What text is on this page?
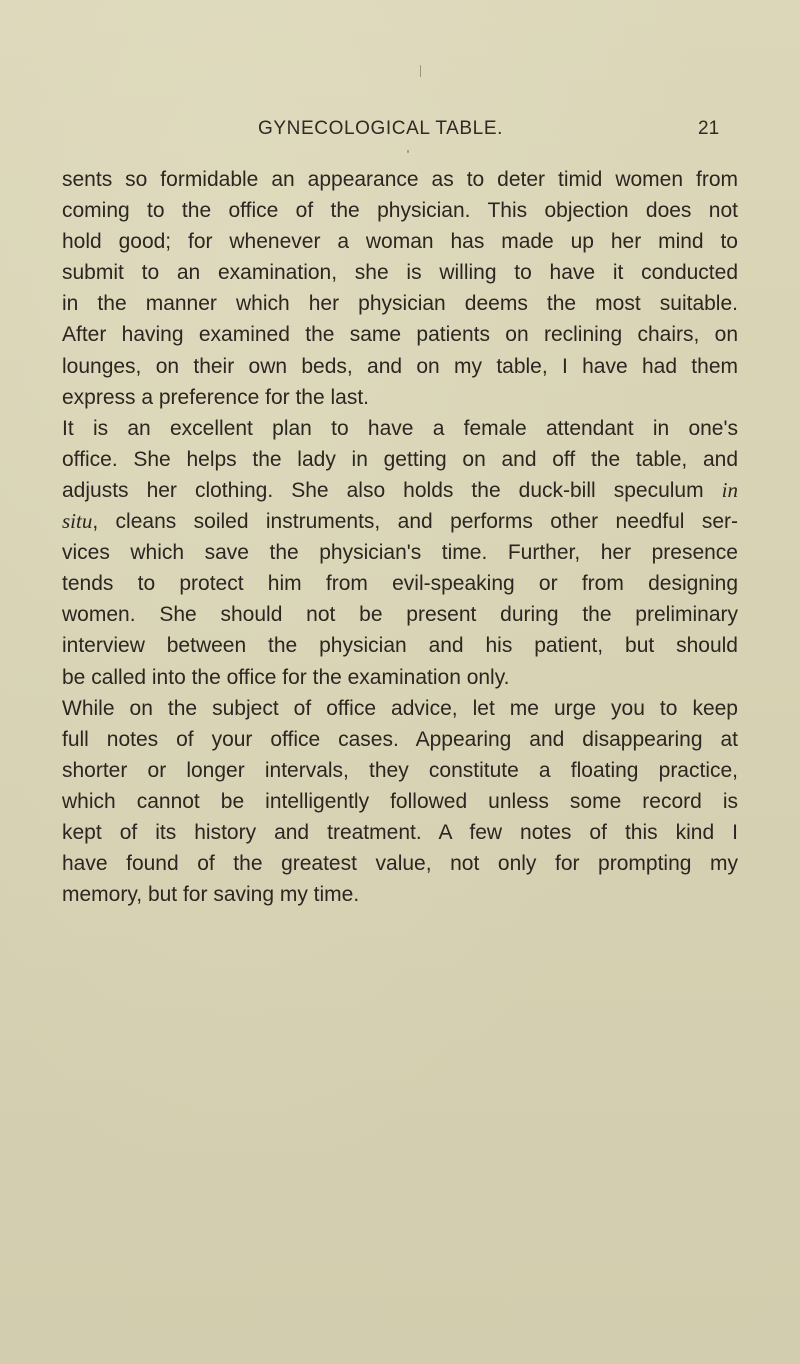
GYNECOLOGICAL TABLE.	21
sents so formidable an appearance as to deter timid women from
coming to the office of the physician. This objection does not
hold good; for whenever a woman has made up her mind to
submit to an examination, she is willing to have it conducted
in the manner which her physician deems the most suitable.
After having examined the same patients on reclining chairs, on
lounges, on their own beds, and on my table, I have had them
express a preference for the last.
It is an excellent plan to have a female attendant in one's
office. She helps the lady in getting on and off the table, and
adjusts her clothing. She also holds the duck-bill speculum in
situ, cleans soiled instruments, and performs other needful ser-
vices which save the physician's time. Further, her presence
tends to protect him from evil-speaking or from designing
women. She should not be present during the preliminary
interview between the physician and his patient, but should
be called into the office for the examination only.
While on the subject of office advice, let me urge you to keep
full notes of your office cases. Appearing and disappearing at
shorter or longer intervals, they constitute a floating practice,
which cannot be intelligently followed unless some record is
kept of its history and treatment. A few notes of this kind I
have found of the greatest value, not only for prompting my
memory, but for saving my time.
